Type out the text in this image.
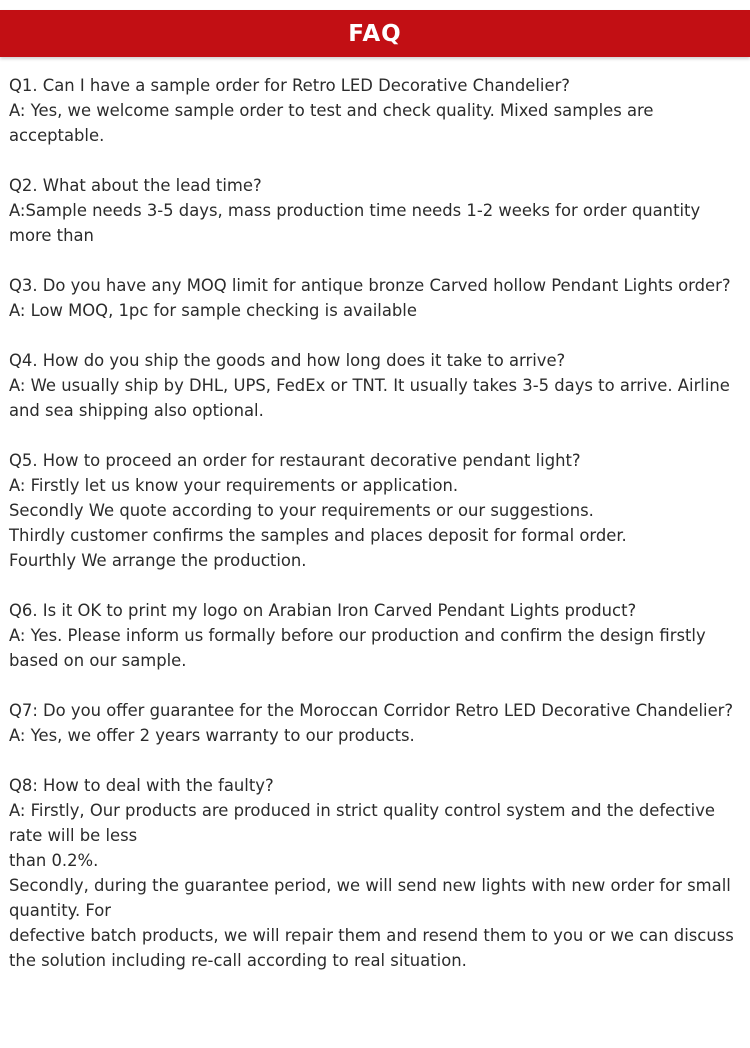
FAQ
Q1. Can I have a sample order for Retro LED Decorative Chandelier?
A: Yes, we welcome sample order to test and check quality. Mixed samples are acceptable.
Q2. What about the lead time?
A:Sample needs 3-5 days, mass production time needs 1-2 weeks for order quantity more than
Q3. Do you have any MOQ limit for antique bronze Carved hollow Pendant Lights order?
A: Low MOQ, 1pc for sample checking is available
Q4. How do you ship the goods and how long does it take to arrive?
A: We usually ship by DHL, UPS, FedEx or TNT. It usually takes 3-5 days to arrive. Airline and sea shipping also optional.
Q5. How to proceed an order for restaurant decorative pendant light?
A: Firstly let us know your requirements or application.
Secondly We quote according to your requirements or our suggestions.
Thirdly customer confirms the samples and places deposit for formal order.
Fourthly We arrange the production.
Q6. Is it OK to print my logo on Arabian Iron Carved Pendant Lights product?
A: Yes. Please inform us formally before our production and confirm the design firstly based on our sample.
Q7: Do you offer guarantee for the Moroccan Corridor Retro LED Decorative Chandelier?
A: Yes, we offer 2 years warranty to our products.
Q8: How to deal with the faulty?
A: Firstly, Our products are produced in strict quality control system and the defective rate will be less
than 0.2%.
Secondly, during the guarantee period, we will send new lights with new order for small quantity. For
defective batch products, we will repair them and resend them to you or we can discuss the solution including re-call according to real situation.
